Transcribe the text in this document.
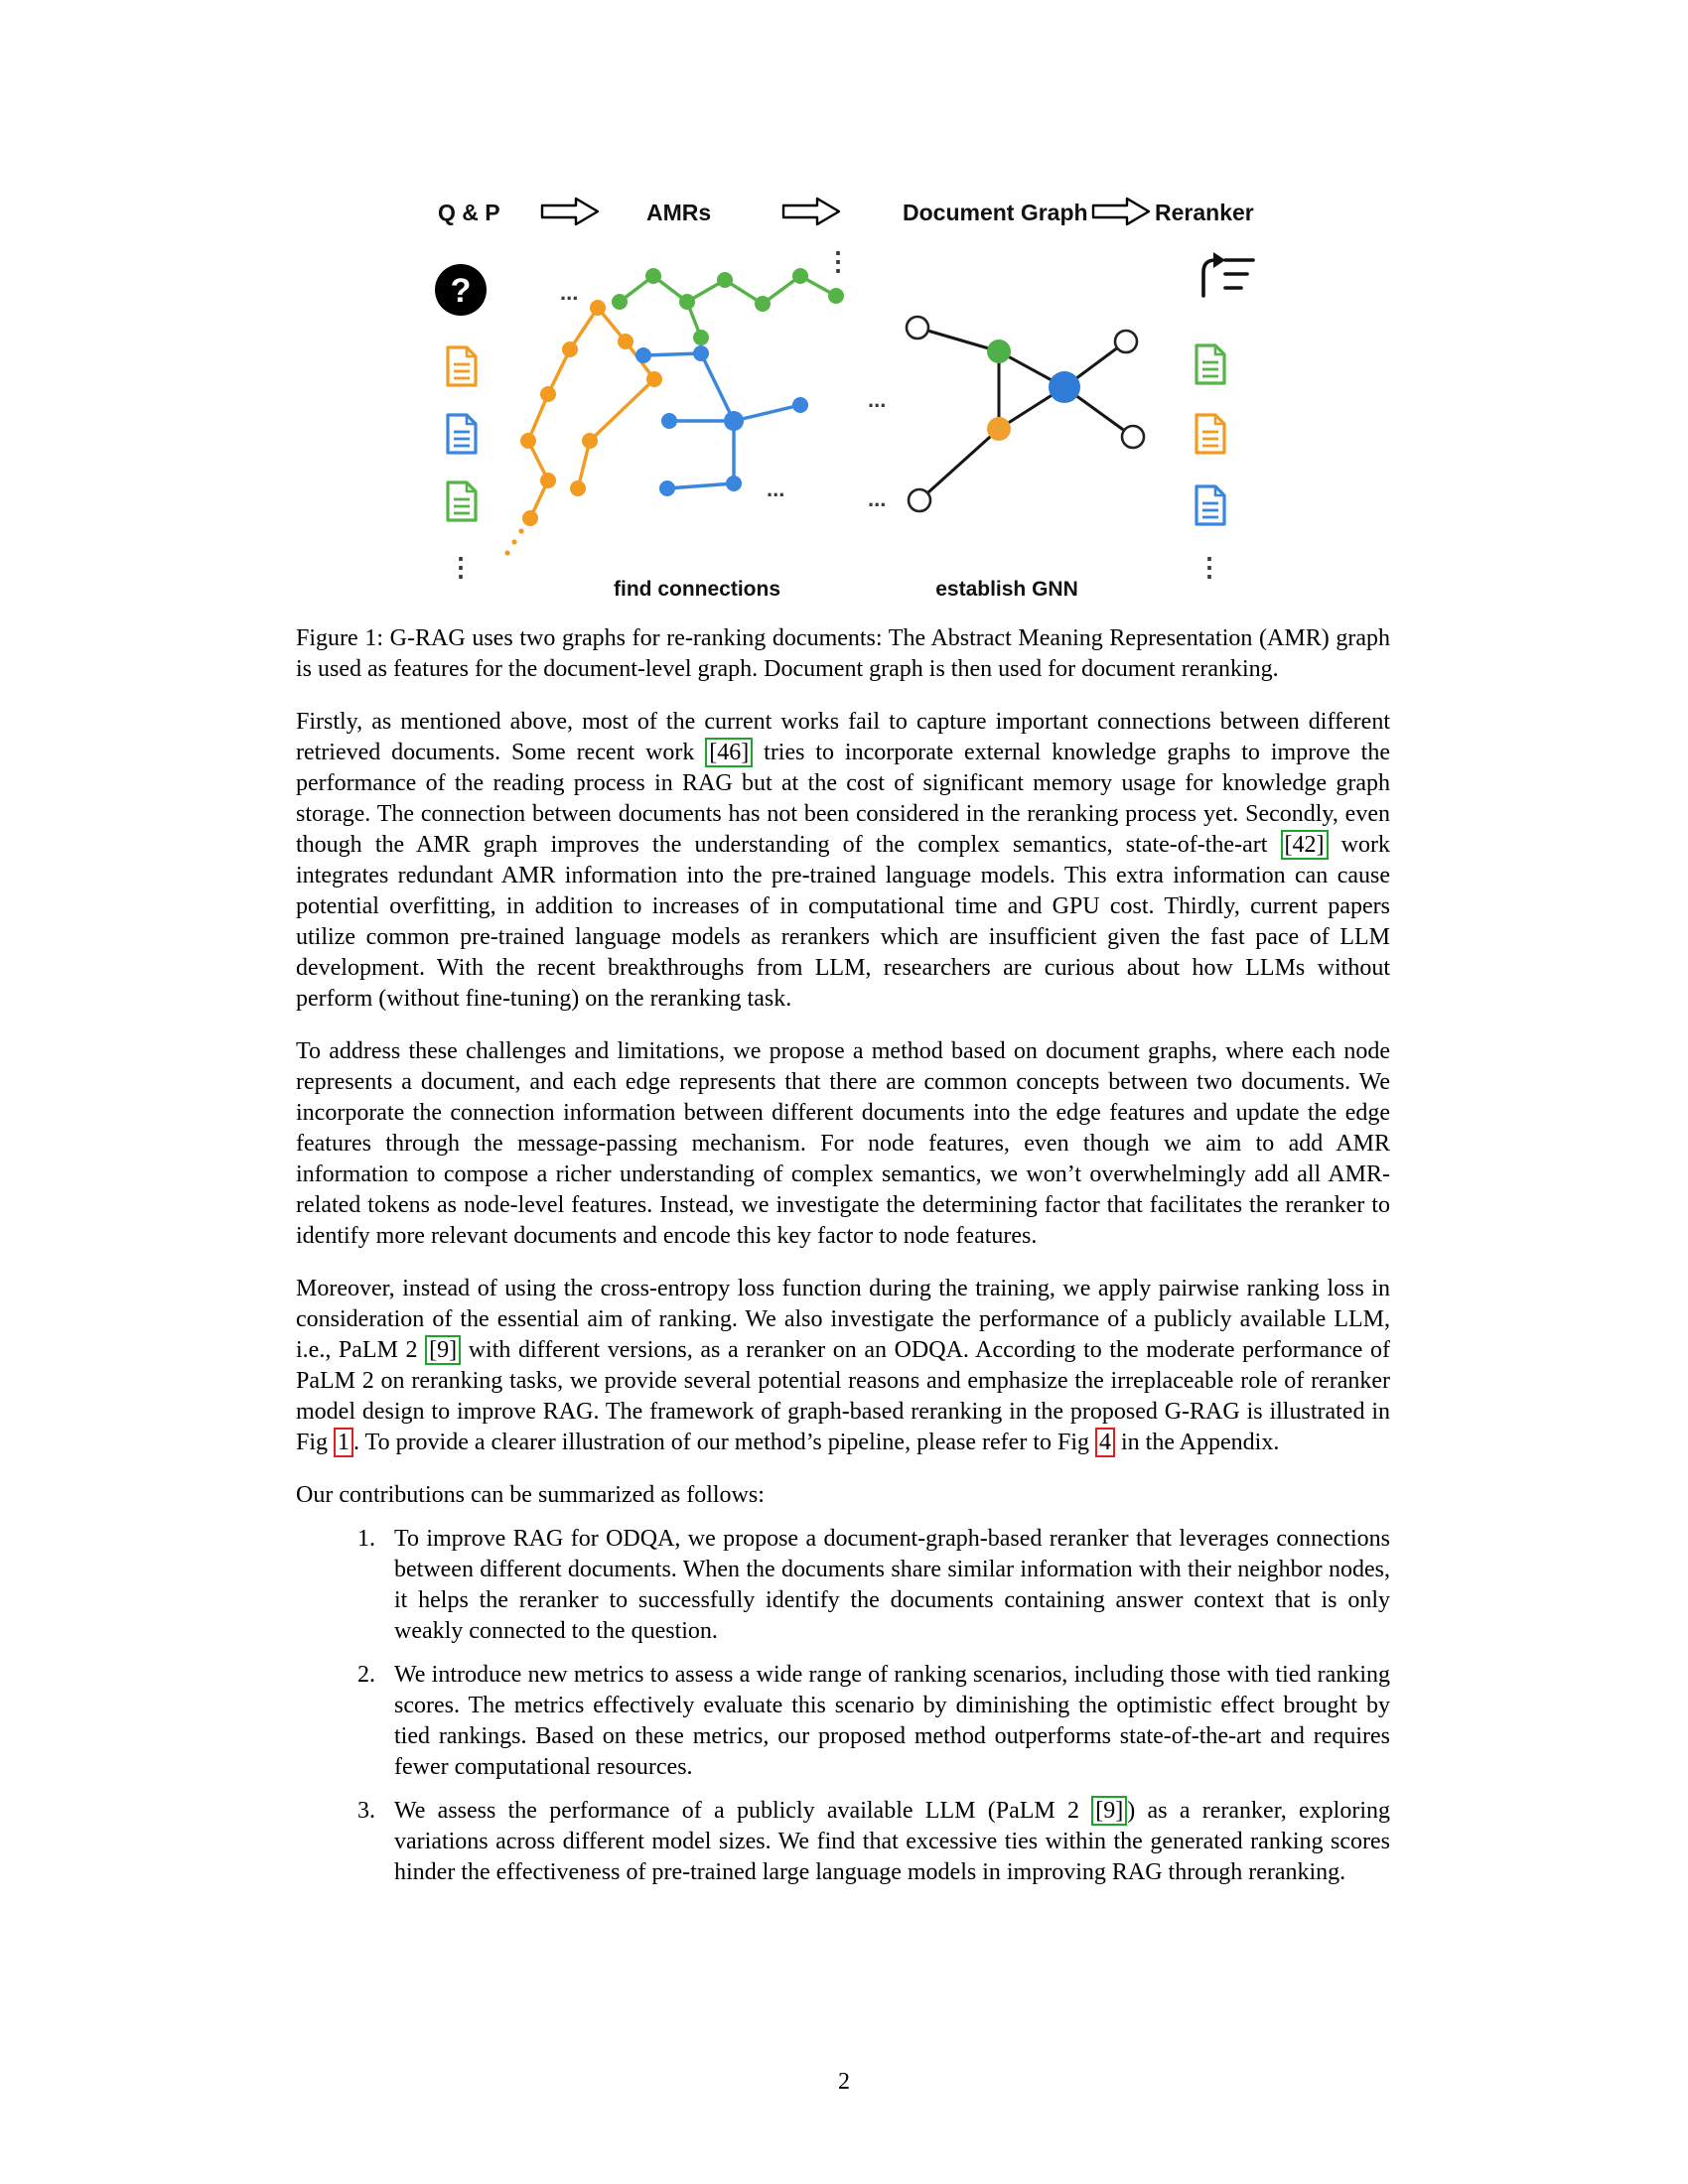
Q & P	AMRs	Document Graph	Reranker
?	...
⋮
⋮
...
...
...
⋮
find connections	establish GNN

Figure 1: G-RAG uses two graphs for re-ranking documents: The Abstract Meaning Representation (AMR) graph is used as features for the document-level graph. Document graph is then used for document reranking.

Firstly, as mentioned above, most of the current works fail to capture important connections between different retrieved documents. Some recent work [46] tries to incorporate external knowledge graphs to improve the performance of the reading process in RAG but at the cost of significant memory usage for knowledge graph storage. The connection between documents has not been considered in the reranking process yet. Secondly, even though the AMR graph improves the understanding of the complex semantics, state-of-the-art [42] work integrates redundant AMR information into the pre-trained language models. This extra information can cause potential overfitting, in addition to increases of in computational time and GPU cost. Thirdly, current papers utilize common pre-trained language models as rerankers which are insufficient given the fast pace of LLM development. With the recent breakthroughs from LLM, researchers are curious about how LLMs without perform (without fine-tuning) on the reranking task.

To address these challenges and limitations, we propose a method based on document graphs, where each node represents a document, and each edge represents that there are common concepts between two documents. We incorporate the connection information between different documents into the edge features and update the edge features through the message-passing mechanism. For node features, even though we aim to add AMR information to compose a richer understanding of complex semantics, we won’t overwhelmingly add all AMR-related tokens as node-level features. Instead, we investigate the determining factor that facilitates the reranker to identify more relevant documents and encode this key factor to node features.

Moreover, instead of using the cross-entropy loss function during the training, we apply pairwise ranking loss in consideration of the essential aim of ranking. We also investigate the performance of a publicly available LLM, i.e., PaLM 2 [9] with different versions, as a reranker on an ODQA. According to the moderate performance of PaLM 2 on reranking tasks, we provide several potential reasons and emphasize the irreplaceable role of reranker model design to improve RAG. The framework of graph-based reranking in the proposed G-RAG is illustrated in Fig 1 . To provide a clearer illustration of our method’s pipeline, please refer to Fig 4 in the Appendix.

Our contributions can be summarized as follows:

1. To improve RAG for ODQA, we propose a document-graph-based reranker that leverages connections between different documents. When the documents share similar information with their neighbor nodes, it helps the reranker to successfully identify the documents containing answer context that is only weakly connected to the question.
2. We introduce new metrics to assess a wide range of ranking scenarios, including those with tied ranking scores. The metrics effectively evaluate this scenario by diminishing the optimistic effect brought by tied rankings. Based on these metrics, our proposed method outperforms state-of-the-art and requires fewer computational resources.
3. We assess the performance of a publicly available LLM (PaLM 2 [9] ) as a reranker, exploring variations across different model sizes. We find that excessive ties within the generated ranking scores hinder the effectiveness of pre-trained large language models in improving RAG through reranking.
2
